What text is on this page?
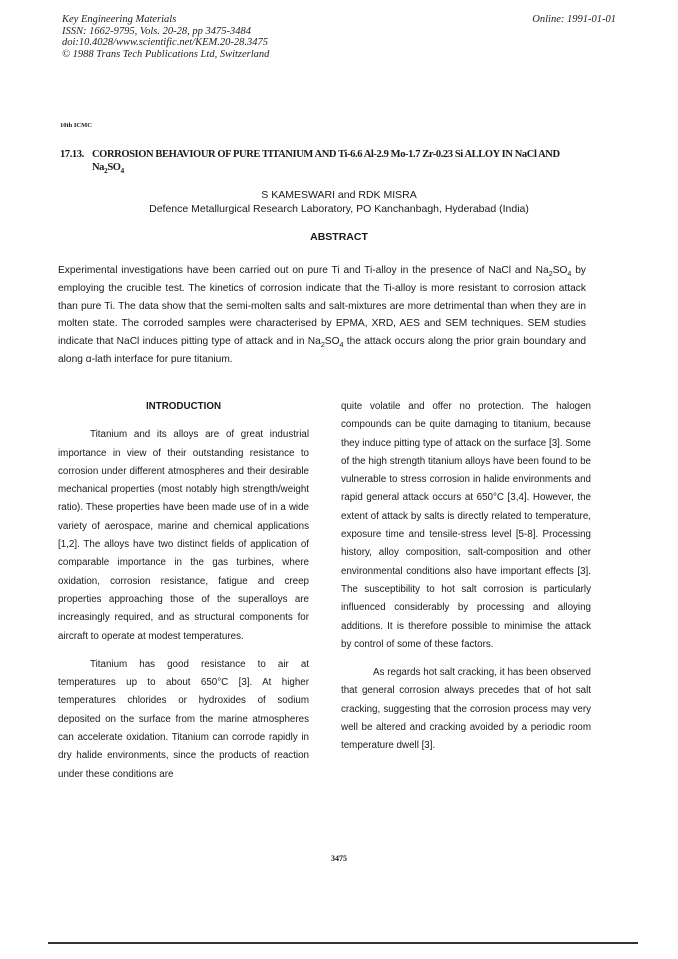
Key Engineering Materials
ISSN: 1662-9795, Vols. 20-28, pp 3475-3484
doi:10.4028/www.scientific.net/KEM.20-28.3475
© 1988 Trans Tech Publications Ltd, Switzerland
Online: 1991-01-01
10th ICMC
17.13. CORROSION BEHAVIOUR OF PURE TITANIUM AND Ti-6.6 Al-2.9 Mo-1.7 Zr-0.23 Si ALLOY IN NaCl AND
$Na_2SO_4$
S KAMESWARI and RDK MISRA
Defence Metallurgical Research Laboratory, PO Kanchanbagh, Hyderabad (India)
ABSTRACT

Experimental investigations have been carried out on pure Ti and Ti-alloy in the presence of NaCl and $Na_2SO_4$ by employing the crucible test. The kinetics of corrosion indicate that the Ti-alloy is more resistant to corrosion attack than pure Ti. The data show that the semi-molten salts and salt-mixtures are more detrimental than when they are in molten state. The corroded samples were characterised by EPMA, XRD, AES and SEM techniques. SEM studies indicate that NaCl induces pitting type of attack and in $Na_2SO_4$ the attack occurs along the prior grain boundary and along α-lath interface for pure titanium.

INTRODUCTION

Titanium and its alloys are of great industrial importance in view of their outstanding resistance to corrosion under different atmospheres and their desirable mechanical properties (most notably high strength/weight ratio). These properties have been made use of in a wide variety of aerospace, marine and chemical applications [1,2]. The alloys have two distinct fields of application of comparable importance in the gas turbines, where oxidation, corrosion resistance, fatigue and creep properties approaching those of the superalloys are increasingly required, and as structural components for aircraft to operate at modest temperatures.

Titanium has good resistance to air at temperatures up to about 650°C [3]. At higher temperatures chlorides or hydroxides of sodium deposited on the surface from the marine atmospheres can accelerate oxidation. Titanium can corrode rapidly in dry halide environments, since the products of reaction under these conditions are

quite volatile and offer no protection. The halogen compounds can be quite damaging to titanium, because they induce pitting type of attack on the surface [3]. Some of the high strength titanium alloys have been found to be vulnerable to stress corrosion in halide environments and rapid general attack occurs at 650°C [3,4]. However, the extent of attack by salts is directly related to temperature, exposure time and tensile-stress level [5-8]. Processing history, alloy composition, salt-composition and other environmental conditions also have important effects [3]. The susceptibility to hot salt corrosion is particularly influenced considerably by processing and alloying additions. It is therefore possible to minimise the attack by control of some of these factors.

As regards hot salt cracking, it has been observed that general corrosion always precedes that of hot salt cracking, suggesting that the corrosion process may very well be altered and cracking avoided by a periodic room temperature dwell [3].

3475
